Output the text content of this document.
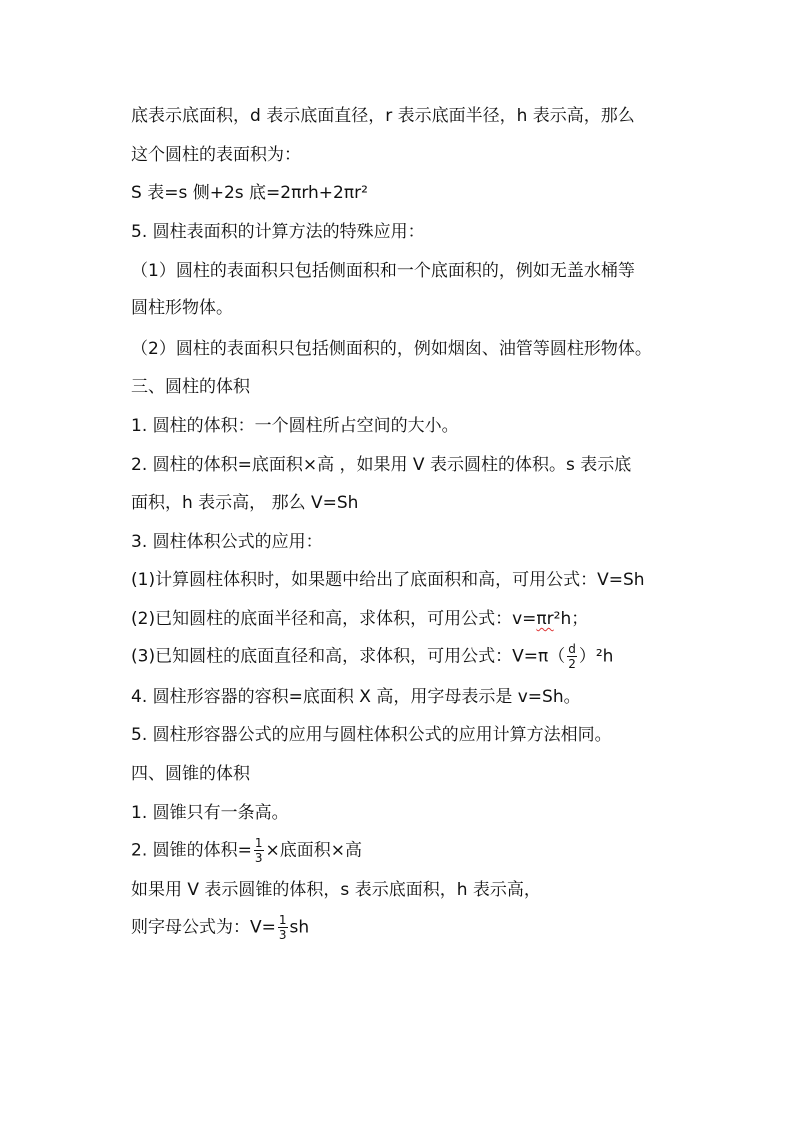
底表示底面积，d 表示底面直径，r 表示底面半径，h 表示高，那么
这个圆柱的表面积为：
S 表=s 侧+2s 底=2πrh+2πr²
5. 圆柱表面积的计算方法的特殊应用：
（1）圆柱的表面积只包括侧面积和一个底面积的，例如无盖水桶等
圆柱形物体。
（2）圆柱的表面积只包括侧面积的，例如烟囱、油管等圆柱形物体。
三、圆柱的体积
1. 圆柱的体积：一个圆柱所占空间的大小。
2. 圆柱的体积=底面积×高 ，如果用 V 表示圆柱的体积。s 表示底
面积，h 表示高， 那么 V=Sh
3. 圆柱体积公式的应用：
(1)计算圆柱体积时，如果题中给出了底面积和高，可用公式：V=Sh
(2)已知圆柱的底面半径和高，求体积，可用公式：v=πr²h；
(3)已知圆柱的底面直径和高，求体积，可用公式：$V=\pi( \frac{d}{2} )^2h$
4. 圆柱形容器的容积=底面积 X 高，用字母表示是 v=Sh。
5. 圆柱形容器公式的应用与圆柱体积公式的应用计算方法相同。
四、圆锥的体积
1. 圆锥只有一条高。
2. 圆锥的体积= $\frac{1}{3}$ ×底面积×高
如果用 V 表示圆锥的体积，s 表示底面积，h 表示高，
则字母公式为：$V= \frac{1}{3}$ sh
